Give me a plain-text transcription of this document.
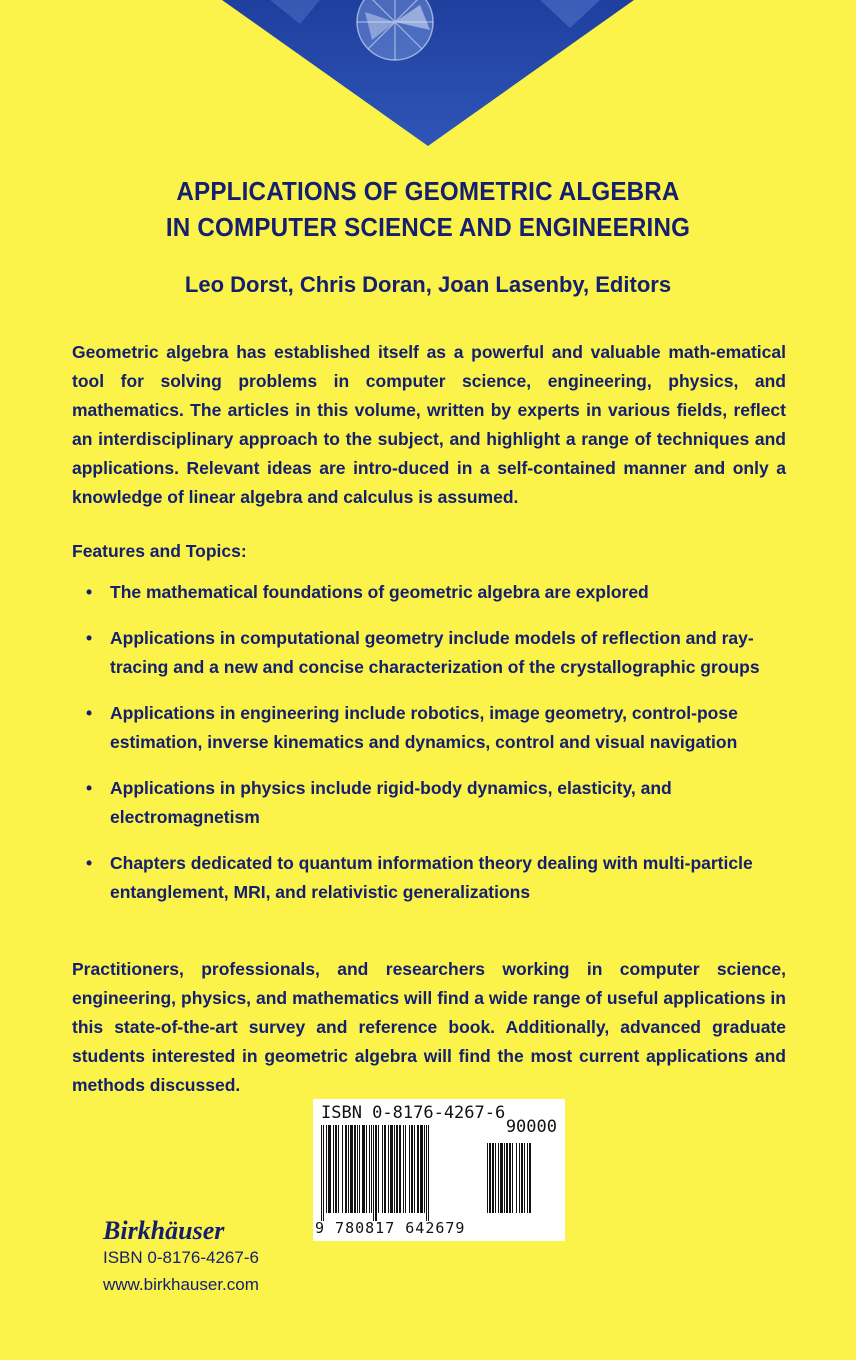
APPLICATIONS OF GEOMETRIC ALGEBRA
IN COMPUTER SCIENCE AND ENGINEERING
Leo Dorst, Chris Doran, Joan Lasenby, Editors

Geometric algebra has established itself as a powerful and valuable math-ematical tool for solving problems in computer science, engineering, physics, and mathematics. The articles in this volume, written by experts in various fields, reflect an interdisciplinary approach to the subject, and highlight a range of techniques and applications. Relevant ideas are intro-duced in a self-contained manner and only a knowledge of linear algebra and calculus is assumed.

Features and Topics:
• The mathematical foundations of geometric algebra are explored
• Applications in computational geometry include models of reflection and ray-tracing and a new and concise characterization of the crystallographic groups
• Applications in engineering include robotics, image geometry, control-pose estimation, inverse kinematics and dynamics, control and visual navigation
• Applications in physics include rigid-body dynamics, elasticity, and electromagnetism
• Chapters dedicated to quantum information theory dealing with multi-particle entanglement, MRI, and relativistic generalizations

Practitioners, professionals, and researchers working in computer science, engineering, physics, and mathematics will find a wide range of useful applications in this state-of-the-art survey and reference book. Additionally, advanced graduate students interested in geometric algebra will find the most current applications and methods discussed.

ISBN 0-8176-4267-6
90000
9 780817 642679
Birkhäuser
ISBN 0-8176-4267-6
www.birkhauser.com
